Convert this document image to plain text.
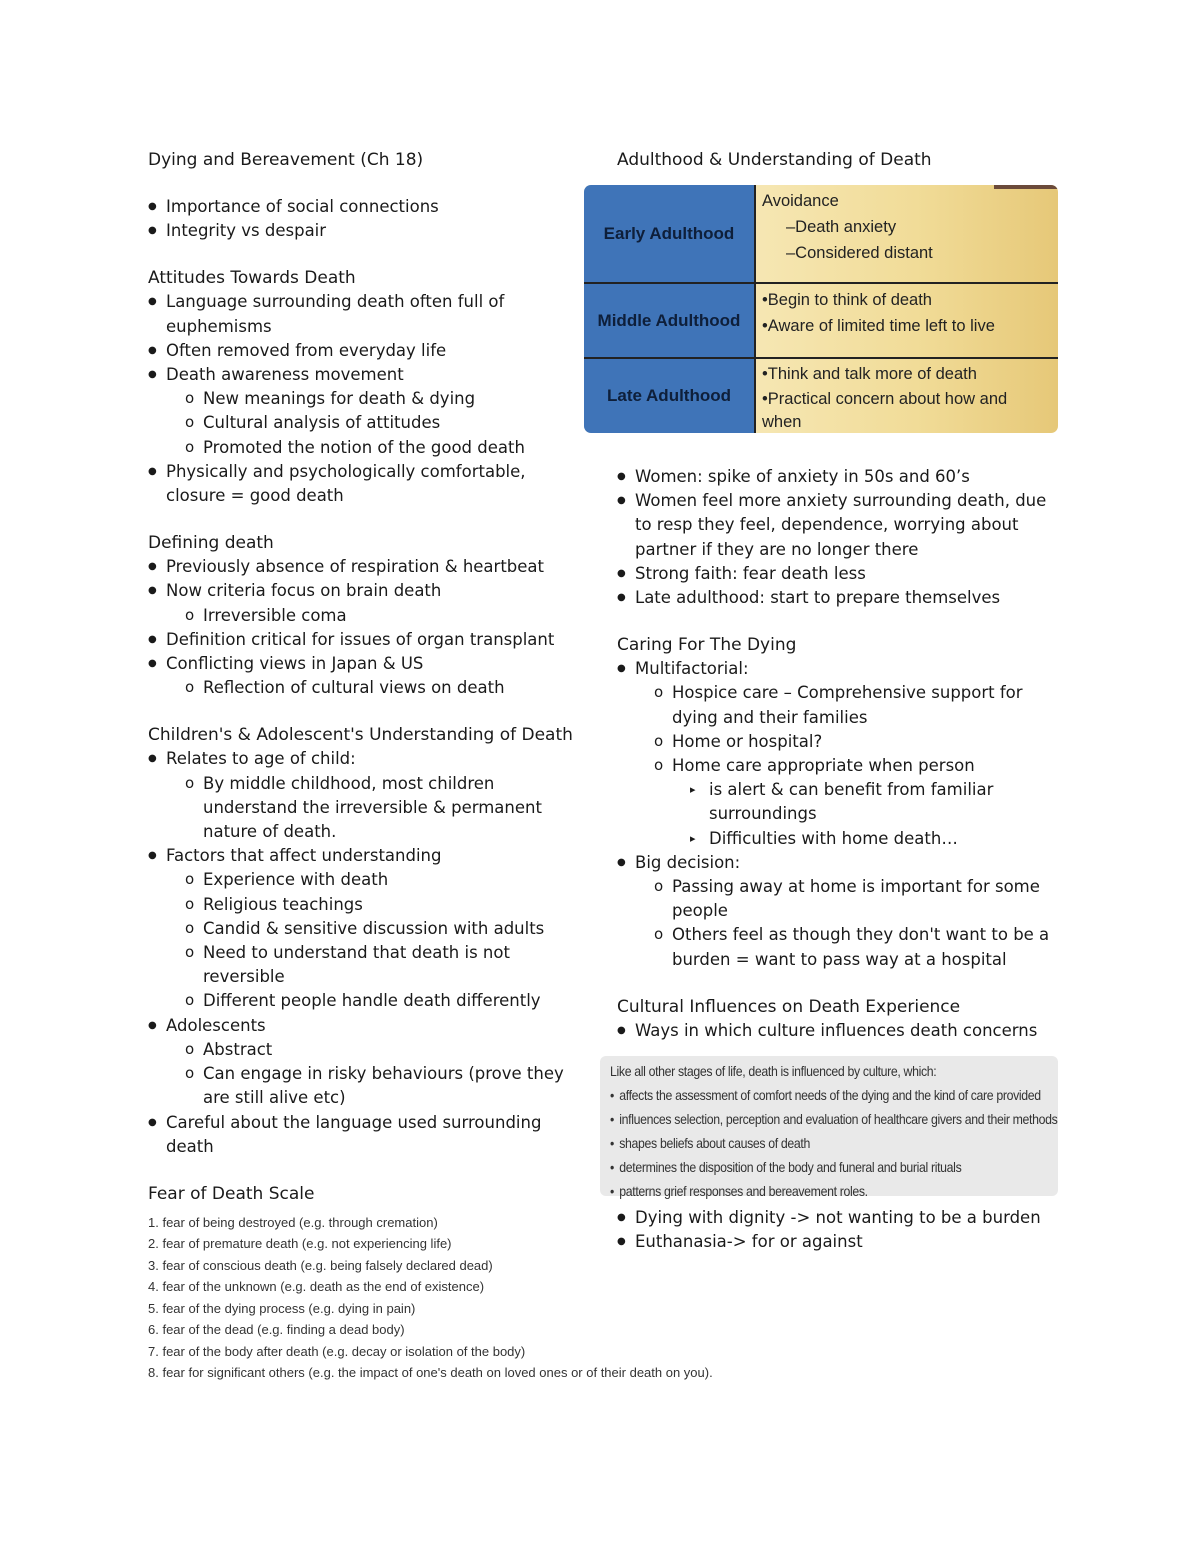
Dying and Bereavement (Ch 18)
● Importance of social connections
● Integrity vs despair
Attitudes Towards Death
● Language surrounding death often full of euphemisms
● Often removed from everyday life
● Death awareness movement
o New meanings for death & dying
o Cultural analysis of attitudes
o Promoted the notion of the good death
● Physically and psychologically comfortable, closure = good death
Defining death
● Previously absence of respiration & heartbeat
● Now criteria focus on brain death
o Irreversible coma
● Definition critical for issues of organ transplant
● Conflicting views in Japan & US
o Reflection of cultural views on death
Children's & Adolescent's Understanding of Death
● Relates to age of child:
o By middle childhood, most children understand the irreversible & permanent nature of death.
● Factors that affect understanding
o Experience with death
o Religious teachings
o Candid & sensitive discussion with adults
o Need to understand that death is not reversible
o Different people handle death differently
● Adolescents
o Abstract
o Can engage in risky behaviours (prove they are still alive etc)
● Careful about the language used surrounding death
Fear of Death Scale
1. fear of being destroyed (e.g. through cremation)
2. fear of premature death (e.g. not experiencing life)
3. fear of conscious death (e.g. being falsely declared dead)
4. fear of the unknown (e.g. death as the end of existence)
5. fear of the dying process (e.g. dying in pain)
6. fear of the dead (e.g. finding a dead body)
7. fear of the body after death (e.g. decay or isolation of the body)
8. fear for significant others (e.g. the impact of one's death on loved ones or of their death on you).
Adulthood & Understanding of Death
Early Adulthood
Avoidance
–Death anxiety
–Considered distant
Middle Adulthood
•Begin to think of death
•Aware of limited time left to live
Late Adulthood
•Think and talk more of death
•Practical concern about how and
when
● Women: spike of anxiety in 50s and 60’s
● Women feel more anxiety surrounding death, due to resp they feel, dependence, worrying about partner if they are no longer there
● Strong faith: fear death less
● Late adulthood: start to prepare themselves
Caring For The Dying
● Multifactorial:
o Hospice care – Comprehensive support for dying and their families
o Home or hospital?
o Home care appropriate when person
▸ is alert & can benefit from familiar surroundings
▸ Difficulties with home death…
● Big decision:
o Passing away at home is important for some people
o Others feel as though they don't want to be a burden = want to pass way at a hospital
Cultural Influences on Death Experience
● Ways in which culture influences death concerns
Like all other stages of life, death is influenced by culture, which:
• affects the assessment of comfort needs of the dying and the kind of care provided
• influences selection, perception and evaluation of healthcare givers and their methods
• shapes beliefs about causes of death
• determines the disposition of the body and funeral and burial rituals
• patterns grief responses and bereavement roles.
● Dying with dignity -> not wanting to be a burden
● Euthanasia-> for or against
